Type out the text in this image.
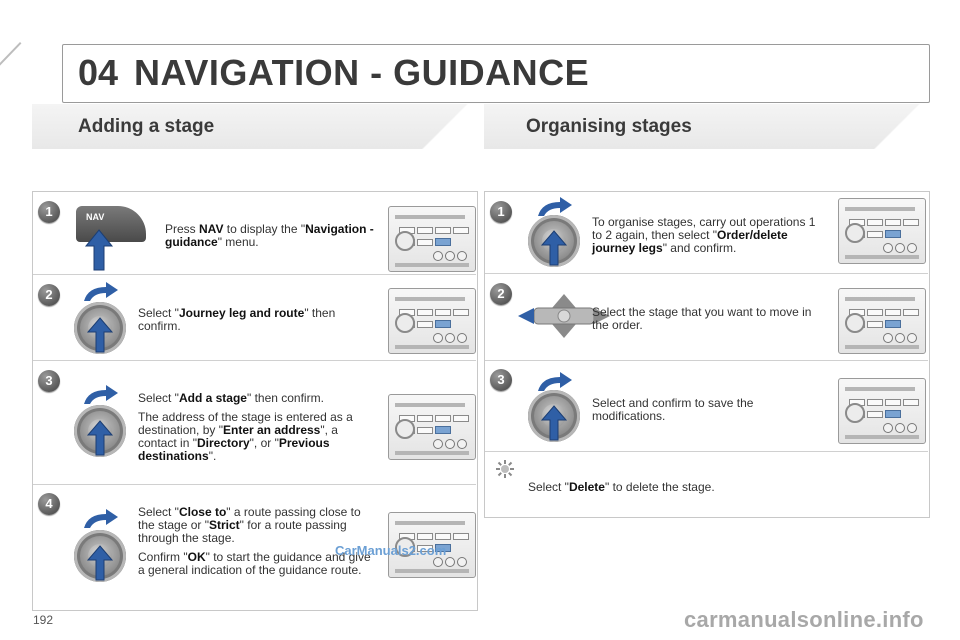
04 NAVIGATION - GUIDANCE
Adding a stage	Organising stages
1	NAV
Press NAV to display the "Navigation - guidance" menu.
2
Select "Journey leg and route" then confirm.
3
Select "Add a stage" then confirm.
The address of the stage is entered as a destination, by "Enter an address", a contact in "Directory", or "Previous destinations".
4
Select "Close to" a route passing close to the stage or "Strict" for a route passing through the stage.
Confirm "OK" to start the guidance and give a general indication of the guidance route.
1
To organise stages, carry out operations 1 to 2 again, then select "Order/delete journey legs" and confirm.
2
Select the stage that you want to move in the order.
3
Select and confirm to save the modifications.
Select "Delete" to delete the stage.
192
CarManuals2.com
carmanualsonline.info
